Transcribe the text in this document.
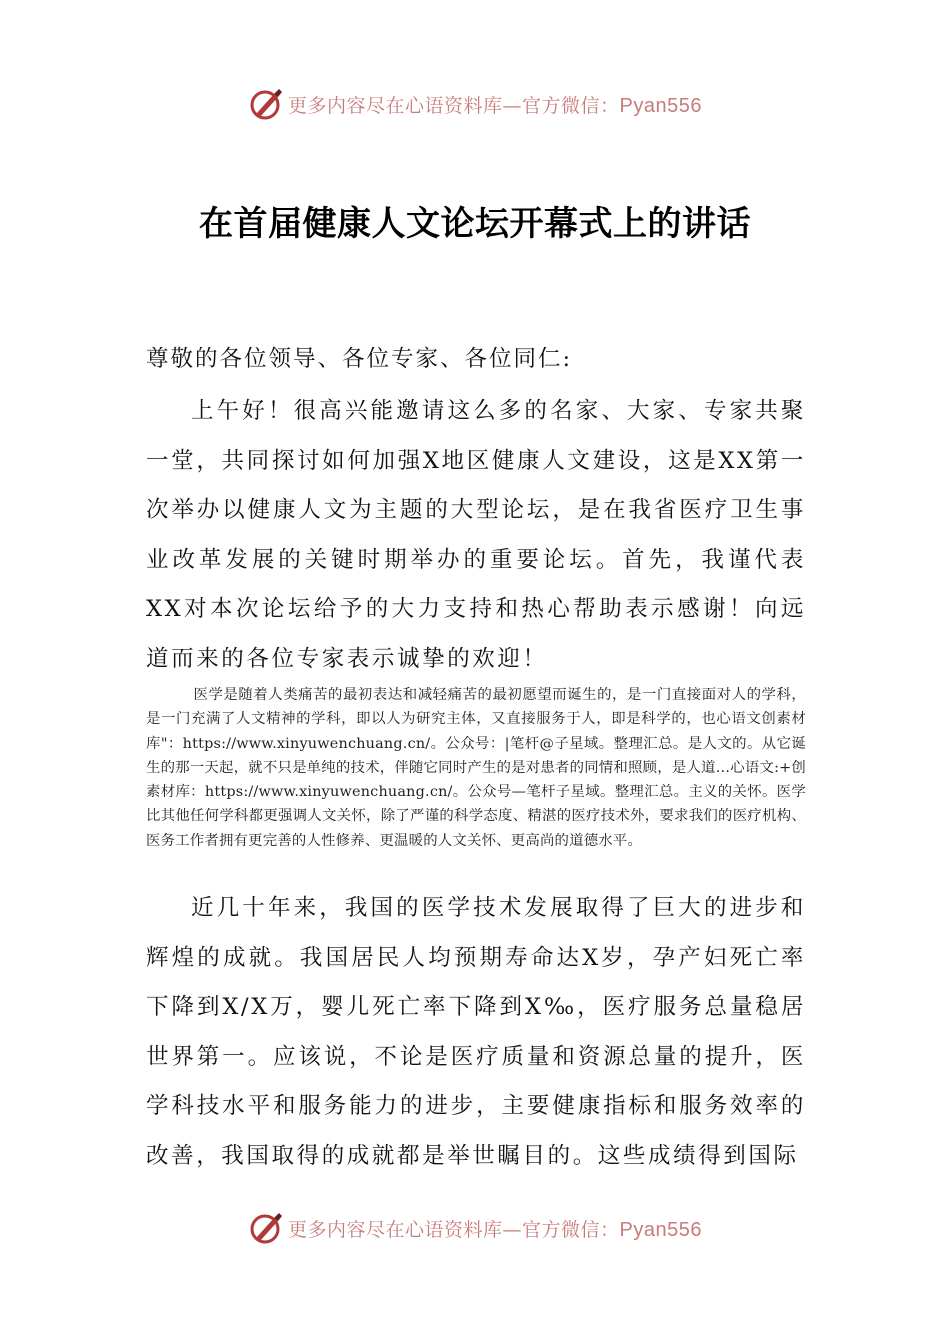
更多内容尽在心语资料库—官方微信：Pyan556
在首届健康人文论坛开幕式上的讲话
尊敬的各位领导、各位专家、各位同仁:
上午好！很高兴能邀请这么多的名家、大家、专家共聚一堂，共同探讨如何加强X地区健康人文建设，这是XX第一次举办以健康人文为主题的大型论坛，是在我省医疗卫生事业改革发展的关键时期举办的重要论坛。首先，我谨代表XX对本次论坛给予的大力支持和热心帮助表示感谢！向远道而来的各位专家表示诚挚的欢迎！
医学是随着人类痛苦的最初表达和减轻痛苦的最初愿望而诞生的，是一门直接面对人的学科，是一门充满了人文精神的学科，即以人为研究主体，又直接服务于人，即是科学的，也心语文创素材库"：https://www.xinyuwenchuang.cn/。公众号：|笔杆@子星域。整理汇总。是人文的。从它诞生的那一天起，就不只是单纯的技术，伴随它同时产生的是对患者的同情和照顾，是人道…心语文:+创素材库：https://www.xinyuwenchuang.cn/。公众号—笔杆子星域。整理汇总。主义的关怀。医学比其他任何学科都更强调人文关怀，除了严谨的科学态度、精湛的医疗技术外，要求我们的医疗机构、医务工作者拥有更完善的人性修养、更温暖的人文关怀、更高尚的道德水平。
近几十年来，我国的医学技术发展取得了巨大的进步和辉煌的成就。我国居民人均预期寿命达X岁，孕产妇死亡率下降到X/X万，婴儿死亡率下降到X‰，医疗服务总量稳居世界第一。应该说，不论是医疗质量和资源总量的提升，医学科技水平和服务能力的进步，主要健康指标和服务效率的改善，我国取得的成就都是举世瞩目的。这些成绩得到国际
更多内容尽在心语资料库—官方微信：Pyan556
